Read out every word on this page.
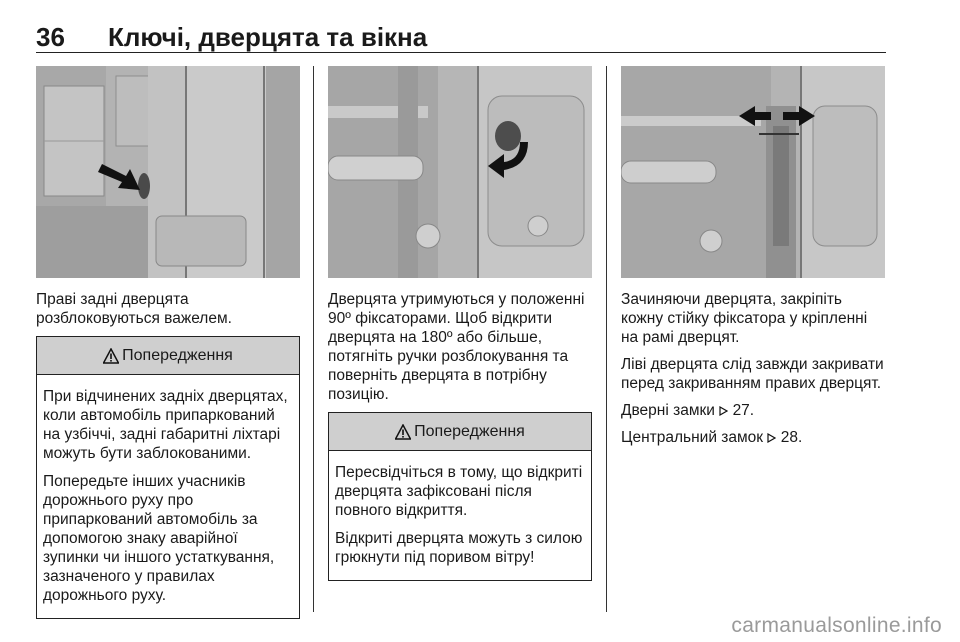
36 Ключі, дверцята та вікна

Праві задні дверцята розблоковуються важелем.

Попередження

При відчинених задніх дверцятах, коли автомобіль припаркований на узбіччі, задні габаритні ліхтарі можуть бути заблокованими.

Попередьте інших учасників дорожнього руху про припаркований автомобіль за допомогою знаку аварійної зупинки чи іншого устаткування, зазначеного у правилах дорожнього руху.

Дверцята утримуються у положенні 90º фіксаторами. Щоб відкрити дверцята на 180º або більше, потягніть ручки розблокування та поверніть дверцята в потрібну позицію.

Попередження

Пересвідчіться в тому, що відкриті дверцята зафіксовані після повного відкриття.

Відкриті дверцята можуть з силою грюкнути під поривом вітру!

Зачиняючи дверцята, закріпіть кожну стійку фіксатора у кріпленні на рамі дверцят.

Ліві дверцята слід завжди закривати перед закриванням правих дверцят.

Дверні замки 27.

Центральний замок 28.

carmanualsonline.info
